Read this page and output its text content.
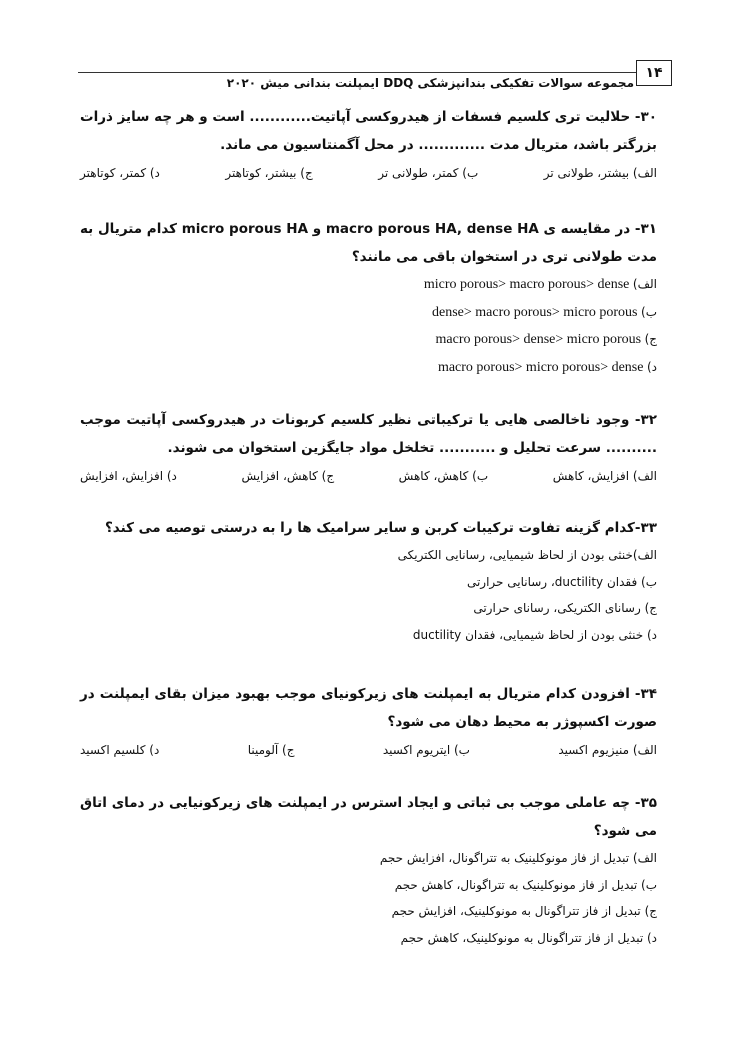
۱۴
مجموعه سوالات تفکیکی بندانپزشکی DDQ ایمپلنت بندانی میش ۲۰۲۰
۳۰- حلالیت تری کلسیم فسفات از هیدروکسی آپاتیت............ است و هر چه سایز ذرات بزرگتر باشد، متریال مدت ............. در محل آگمنتاسیون می ماند.
الف) بیشتر، طولانی تر
ب) کمتر، طولانی تر
ج) بیشتر، کوتاهتر
د) کمتر، کوتاهتر
۳۱- در مقایسه ی macro porous HA, dense HA و micro porous HA کدام متریال به مدت طولانی تری در استخوان باقی می مانند؟
الف) micro porous> macro porous> dense
ب) dense> macro porous> micro porous
ج) macro porous> dense> micro porous
د) macro porous> micro porous> dense
۳۲- وجود ناخالصی هایی یا ترکیباتی نظیر کلسیم کربونات در هیدروکسی آپاتیت موجب .......... سرعت تحلیل و ........... تخلخل مواد جایگزین استخوان می شوند.
الف) افزایش، کاهش
ب) کاهش، کاهش
ج) کاهش، افزایش
د) افزایش، افزایش
۳۳-کدام گزینه تفاوت ترکیبات کربن و سایر سرامیک ها را به درستی توصیه می کند؟
الف)خنثی بودن از لحاظ شیمیایی، رسانایی الکتریکی
ب) فقدان ductility، رسانایی حرارتی
ج) رسانای الکتریکی، رسانای حرارتی
د) خنثی بودن از لحاظ شیمیایی، فقدان ductility
۳۴- افزودن کدام متریال به ایمپلنت های زیرکونیای موجب بهبود میزان بقای ایمپلنت در صورت اکسپوژر به محیط دهان می شود؟
الف) منیزیوم اکسید
ب) ایتریوم اکسید
ج) آلومینا
د) کلسیم اکسید
۳۵- چه عاملی موجب بی ثباتی و ایجاد استرس در ایمپلنت های زیرکونیایی در دمای اتاق می شود؟
الف) تبدیل از فاز مونوکلینیک به تتراگونال، افزایش حجم
ب) تبدیل از فاز مونوکلینیک به تتراگونال، کاهش حجم
ج) تبدیل از فاز تتراگونال به مونوکلینیک، افزایش حجم
د) تبدیل از فاز تتراگونال به مونوکلینیک، کاهش حجم
